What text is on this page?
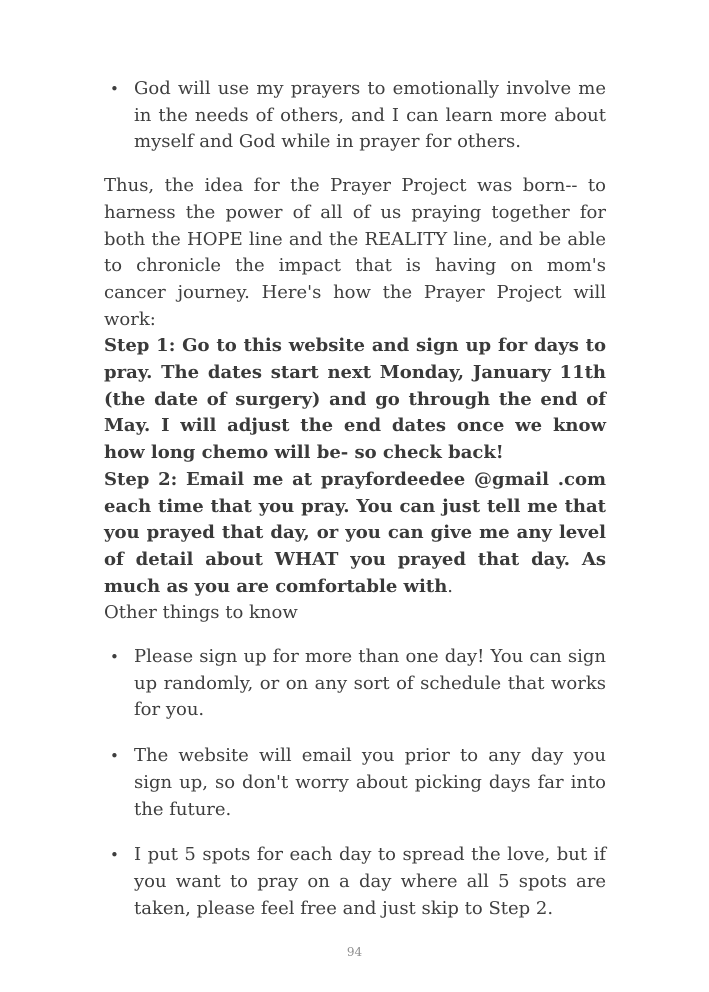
• God will use my prayers to emotionally involve me in the needs of others, and I can learn more about myself and God while in prayer for others.

Thus, the idea for the Prayer Project was born-- to harness the power of all of us praying together for both the HOPE line and the REALITY line, and be able to chronicle the impact that is having on mom's cancer journey. Here's how the Prayer Project will work:

Step 1: Go to this website and sign up for days to pray. The dates start next Monday, January 11th (the date of surgery) and go through the end of May. I will adjust the end dates once we know how long chemo will be- so check back!

Step 2: Email me at prayfordeedee @gmail .com each time that you pray. You can just tell me that you prayed that day, or you can give me any level of detail about WHAT you prayed that day. As much as you are comfortable with.

Other things to know

• Please sign up for more than one day! You can sign up randomly, or on any sort of schedule that works for you.
• The website will email you prior to any day you sign up, so don't worry about picking days far into the future.
• I put 5 spots for each day to spread the love, but if you want to pray on a day where all 5 spots are taken, please feel free and just skip to Step 2.
94
